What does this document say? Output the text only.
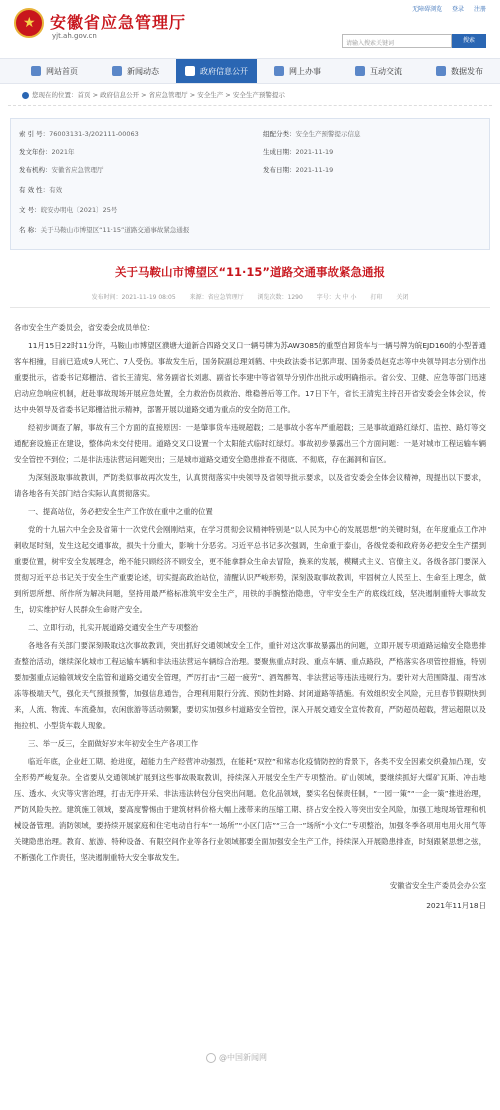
★
安徽省应急管理厅
yjt.ah.gov.cn
无障碍浏览 登录 注册
请输入搜索关键词	搜索
网站首页	新闻动态	政府信息公开	网上办事	互动交流	数据发布
您现在的位置：首页 > 政府信息公开 > 省应急管理厅 > 安全生产 > 安全生产预警提示
索 引 号：76003131-3/202111-00063	组配分类：安全生产预警提示信息
发文年份：2021年	生成日期：2021-11-19
发布机构：安徽省应急管理厅	发布日期：2021-11-19
有 效 性：有效
文 号：皖安办明电〔2021〕25号
名 称：关于马鞍山市博望区“11·15”道路交通事故紧急通报
关于马鞍山市博望区“11·15”道路交通事故紧急通报
发布时间：2021-11-19 08:05 来源：省应急管理厅 浏览次数：1290 字号：大 中 小 打印 关闭

各市安全生产委员会，省安委会成员单位：

11月15日22时11分许，马鞍山市博望区濮塘大道新合四路交叉口一辆号牌为苏AW3085的重型自卸货车与一辆号牌为皖EJD160的小型普通客车相撞，目前已造成9人死亡、7人受伤。事故发生后，国务院副总理刘鹤、中央政法委书记郭声琨、国务委员赵克志等中央领导同志分别作出重要批示，省委书记郑栅洁、省长王清宪、常务副省长刘惠、副省长李建中等省领导分别作出批示或明确指示。省公安、卫健、应急等部门迅速启动应急响应机制，赶赴事故现场开展应急处置，全力救治伤员救治、维稳善后等工作。17日下午，省长王清宪主持召开省安委会全体会议，传达中央领导及省委书记郑栅洁批示精神，部署开展以道路交通为重点的安全防范工作。

经初步调查了解，事故有三个方面的直接原因：一是肇事货车违规超载；二是事故小客车严重超载；三是事故道路红绿灯、监控、路灯等交通配套设施正在建设，整体尚未交付使用。道路交叉口设置一个太阳能式临时红绿灯。事故初步暴露出三个方面问题：一是对城市工程运输车辆安全管控不到位；二是非法违法营运问题突出；三是城市道路交通安全隐患排查不彻底、不彻底，存在漏洞和盲区。

为深刻汲取事故教训，严防类似事故再次发生，认真贯彻落实中央领导及省领导批示要求，以及省安委会全体会议精神，现提出以下要求，请各地各有关部门结合实际认真贯彻落实。

一、提高站位，务必把安全生产工作放在重中之重的位置

党的十九届六中全会及省第十一次党代会刚刚结束，在学习贯彻会议精神特别是“以人民为中心的发展思想”的关键时刻，在年度重点工作冲刺收尾时刻，发生这起交通事故，损失十分重大，影响十分恶劣。习近平总书记多次强调，生命重于泰山，各级党委和政府务必把安全生产摆到重要位置，树牢安全发展理念，绝不能只顾经济不顾安全，更不能拿群众生命去冒险，换来的发展，模糊式主义、官僚主义。各级各部门要深入贯彻习近平总书记关于安全生产重要论述，切实提高政治站位，清醒认识严峻形势，深刻汲取事故教训，牢固树立人民至上、生命至上理念，做到所思所想、所作所为解决问题，坚持用最严格标准筑牢安全生产，用铁的手腕整治隐患，守牢安全生产的底线红线，坚决遏制重特大事故发生，切实维护好人民群众生命财产安全。

二、立即行动，扎实开展道路交通安全生产专项整治

各地各有关部门要深刻吸取这次事故教训，突出抓好交通领域安全工作，重针对这次事故暴露出的问题，立即开展专项道路运输安全隐患排查整治活动，继续深化城市工程运输车辆和非法违法营运车辆综合治理。要聚焦重点时段、重点车辆、重点路段，严格落实各项管控措施，特别要加强重点运输领域安全监管和道路交通安全管理，严厉打击“三超一疲劳”、酒驾醉驾、非法营运等违法违规行为。要针对大范围降温、雨雪冰冻等极端天气，强化天气预报预警，加强信息通告，合理利用限行分流、预防性封路、封闭道路等措施。有效组织安全风险，元旦春节假期快到来，人流、物流、车流叠加，农闲旅游等活动频繁，要切实加强乡村道路安全管控，深入开展交通安全宣传教育，严防超员超载，营运超限以及拖拉机、小型货车载人现象。

三、举一反三，全面做好岁末年初安全生产各项工作

临近年底，企业赶工期、抢进度，超能力生产经营冲动强烈，在能耗“双控”和常态化疫情防控的背景下，各类不安全因素交织叠加凸现，安全形势严峻复杂。全省要从交通领域扩展到这些事故吸取教训，持续深入开展安全生产专项整治。矿山领域，要继续抓好大煤矿瓦斯、冲击地压、透水、火灾等灾害治理，打击无序开采、非法违法转包分包突出问题。危化品领域，要实名包保责任制，“一园一策”“一企一策”推进治理，严防风险失控。建筑施工领域，要高度警惕由于建筑材料价格大幅上涨带来的压缩工期、挤占安全投入等突出安全风险，加强工地现场管理和机械设备管理。消防领域，要持续开展家庭和住宅电动自行车“一场所”“小区门店”“三合一”场所“小文仁”专项整治，加强冬季各项用电用火用气等关键隐患治理。教育、旅游、特种设备、有限空间作业等各行业领域都要全面加强安全生产工作，持续深入开展隐患排查，时刻跟紧思想之弦，不断强化工作责任，坚决遏制重特大安全事故发生。

安徽省安全生产委员会办公室
2021年11月18日
@中国新闻网
